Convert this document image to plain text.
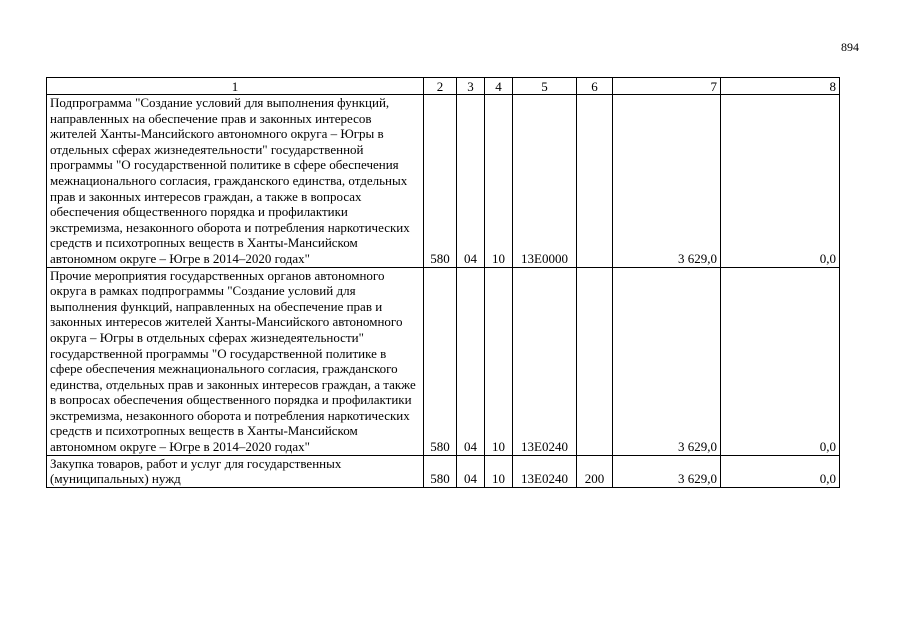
894
1	2	3	4	5	6	7	8
Подпрограмма "Создание условий для выполнения функций, направленных на обеспечение прав и законных интересов жителей Ханты-Мансийского автономного округа – Югры в отдельных сферах жизнедеятельности" государственной программы "О государственной политике в сфере обеспечения межнационального согласия, гражданского единства, отдельных прав и законных интересов граждан, а также в вопросах обеспечения общественного порядка и профилактики экстремизма, незаконного оборота и потребления наркотических средств и психотропных веществ в Ханты-Мансийском автономном округе – Югре в 2014–2020 годах"	580	04	10	13Е0000		3 629,0	0,0
Прочие мероприятия государственных органов автономного округа в рамках подпрограммы "Создание условий для выполнения функций, направленных на обеспечение прав и законных интересов жителей Ханты-Мансийского автономного округа – Югры в отдельных сферах жизнедеятельности" государственной программы "О государственной политике в сфере обеспечения межнационального согласия, гражданского единства, отдельных прав и законных интересов граждан, а также в вопросах обеспечения общественного порядка и профилактики экстремизма, незаконного оборота и потребления наркотических средств и психотропных веществ в Ханты-Мансийском автономном округе – Югре в 2014–2020 годах"	580	04	10	13Е0240		3 629,0	0,0
Закупка товаров, работ и услуг для государственных (муниципальных) нужд	580	04	10	13Е0240	200	3 629,0	0,0
